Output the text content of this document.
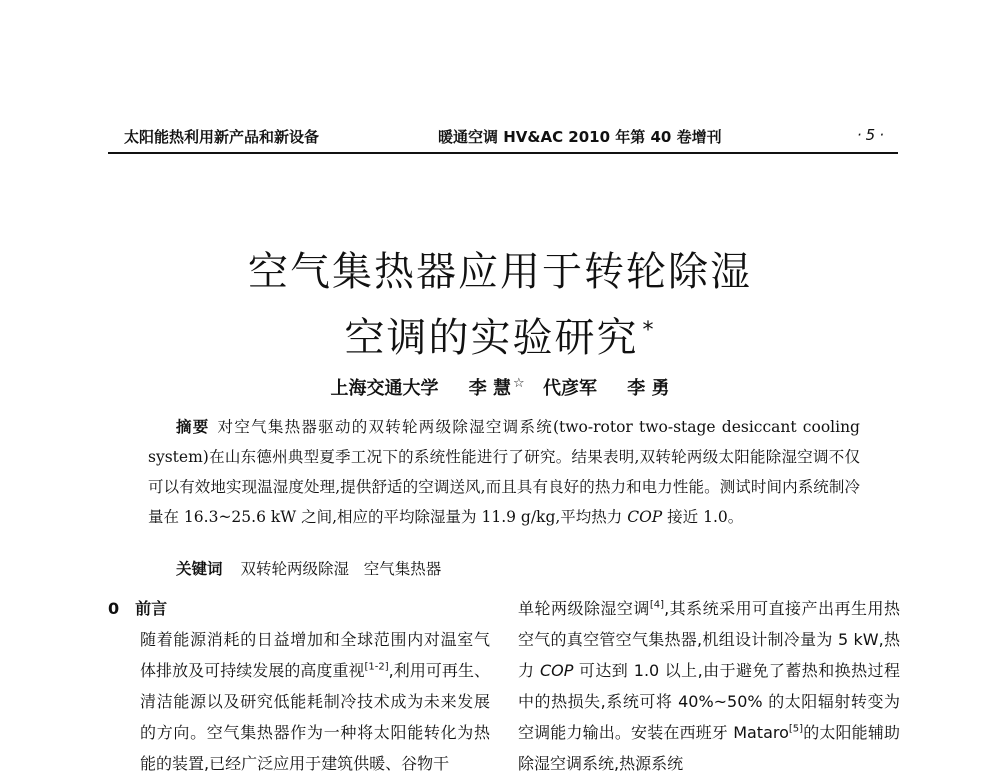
太阳能热利用新产品和新设备	暖通空调 HV&AC 2010 年第 40 卷增刊	·5·
空气集热器应用于转轮除湿
空调的实验研究 *
上海交通大学 李 慧 ☆ 代彦军 李 勇
摘要 对空气集热器驱动的双转轮两级除湿空调系统(two-rotor two-stage desiccant cooling system)在山东德州典型夏季工况下的系统性能进行了研究。结果表明,双转轮两级太阳能除湿空调不仅可以有效地实现温湿度处理,提供舒适的空调送风,而且具有良好的热力和电力性能。测试时间内系统制冷量在 16.3~25.6 kW 之间,相应的平均除湿量为 11.9 g/kg,平均热力 COP 接近 1.0。
关键词 双转轮两级除湿   空气集热器

0 前言

随着能源消耗的日益增加和全球范围内对温室气体排放及可持续发展的高度重视[1-2],利用可再生、清洁能源以及研究低能耗制冷技术成为未来发展的方向。空气集热器作为一种将太阳能转化为热能的装置,已经广泛应用于建筑供暖、谷物干

单轮两级除湿空调[4],其系统采用可直接产出再生用热空气的真空管空气集热器,机组设计制冷量为 5 kW,热力 COP 可达到 1.0 以上,由于避免了蓄热和换热过程中的热损失,系统可将 40%~50% 的太阳辐射转变为空调能力输出。安装在西班牙 Mataro[5]的太阳能辅助除湿空调系统,热源系统
